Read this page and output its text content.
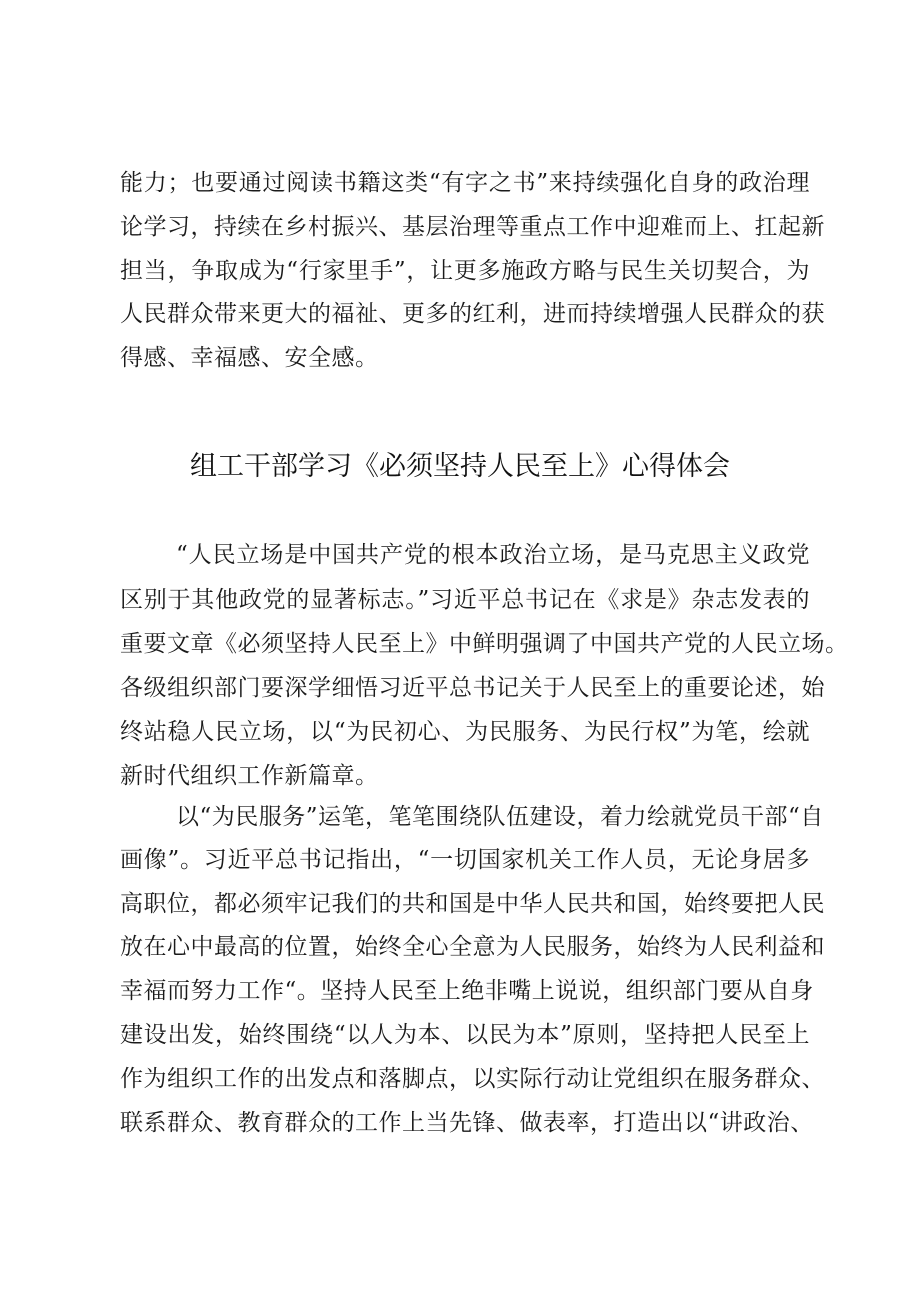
能力；也要通过阅读书籍这类“有字之书”来持续强化自身的政治理
论学习，持续在乡村振兴、基层治理等重点工作中迎难而上、扛起新
担当，争取成为“行家里手”，让更多施政方略与民生关切契合，为
人民群众带来更大的福祉、更多的红利，进而持续增强人民群众的获
得感、幸福感、安全感。
组工干部学习《必须坚持人民至上》心得体会
“人民立场是中国共产党的根本政治立场，是马克思主义政党
区别于其他政党的显著标志。”习近平总书记在《求是》杂志发表的
重要文章《必须坚持人民至上》中鲜明强调了中国共产党的人民立场。
各级组织部门要深学细悟习近平总书记关于人民至上的重要论述，始
终站稳人民立场，以“为民初心、为民服务、为民行权”为笔，绘就
新时代组织工作新篇章。
以“为民服务”运笔，笔笔围绕队伍建设，着力绘就党员干部“自
画像”。习近平总书记指出，“一切国家机关工作人员，无论身居多
高职位，都必须牢记我们的共和国是中华人民共和国，始终要把人民
放在心中最高的位置，始终全心全意为人民服务，始终为人民利益和
幸福而努力工作“。坚持人民至上绝非嘴上说说，组织部门要从自身
建设出发，始终围绕“以人为本、以民为本”原则，坚持把人民至上
作为组织工作的出发点和落脚点，以实际行动让党组织在服务群众、
联系群众、教育群众的工作上当先锋、做表率，打造出以“讲政治、
